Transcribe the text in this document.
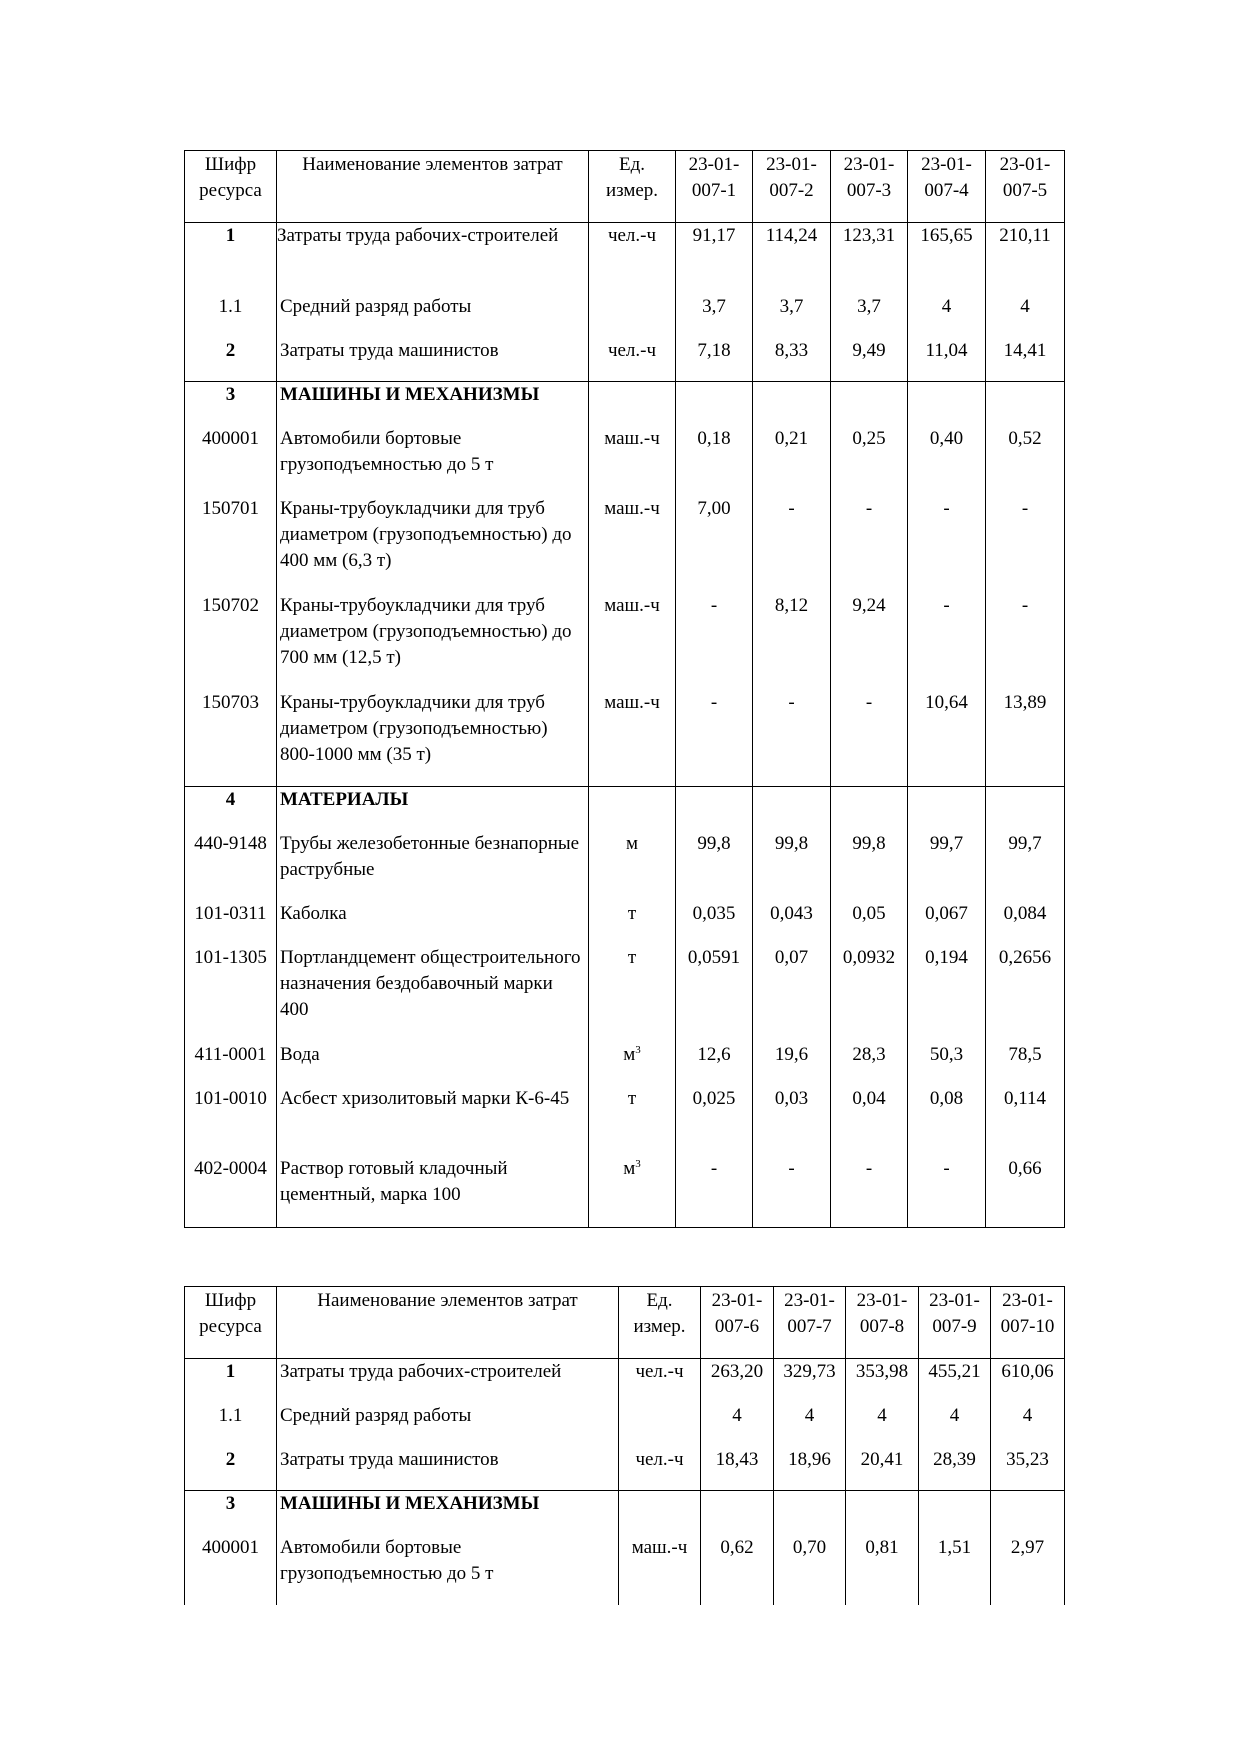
Шифр ресурса	Наименование элементов затрат	Ед. измер.	23-01-007-1	23-01-007-2	23-01-007-3	23-01-007-4	23-01-007-5
1	Затраты труда рабочих-строителей	чел.-ч	91,17	114,24	123,31	165,65	210,11
1.1	Средний разряд работы		3,7	3,7	3,7	4	4
2	Затраты труда машинистов	чел.-ч	7,18	8,33	9,49	11,04	14,41
3	МАШИНЫ И МЕХАНИЗМЫ						
400001	Автомобили бортовые грузоподъемностью до 5 т	маш.-ч	0,18	0,21	0,25	0,40	0,52
150701	Краны-трубоукладчики для труб диаметром (грузоподъемностью) до 400 мм (6,3 т)	маш.-ч	7,00	-	-	-	-
150702	Краны-трубоукладчики для труб диаметром (грузоподъемностью) до 700 мм (12,5 т)	маш.-ч	-	8,12	9,24	-	-
150703	Краны-трубоукладчики для труб диаметром (грузоподъемностью) 800-1000 мм (35 т)	маш.-ч	-	-	-	10,64	13,89
4	МАТЕРИАЛЫ						
440-9148	Трубы железобетонные безнапорные раструбные	м	99,8	99,8	99,8	99,7	99,7
101-0311	Каболка	т	0,035	0,043	0,05	0,067	0,084
101-1305	Портландцемент общестроительного назначения бездобавочный марки 400	т	0,0591	0,07	0,0932	0,194	0,2656
411-0001	Вода	$м^3$	12,6	19,6	28,3	50,3	78,5
101-0010	Асбест хризолитовый марки К-6-45	т	0,025	0,03	0,04	0,08	0,114
402-0004	Раствор готовый кладочный цементный, марка 100	$м^3$	-	-	-	-	0,66
Шифр ресурса	Наименование элементов затрат	Ед. измер.	23-01-007-6	23-01-007-7	23-01-007-8	23-01-007-9	23-01-007-10
1	Затраты труда рабочих-строителей	чел.-ч	263,20	329,73	353,98	455,21	610,06
1.1	Средний разряд работы		4	4	4	4	4
2	Затраты труда машинистов	чел.-ч	18,43	18,96	20,41	28,39	35,23
3	МАШИНЫ И МЕХАНИЗМЫ						
400001	Автомобили бортовые грузоподъемностью до 5 т	маш.-ч	0,62	0,70	0,81	1,51	2,97
